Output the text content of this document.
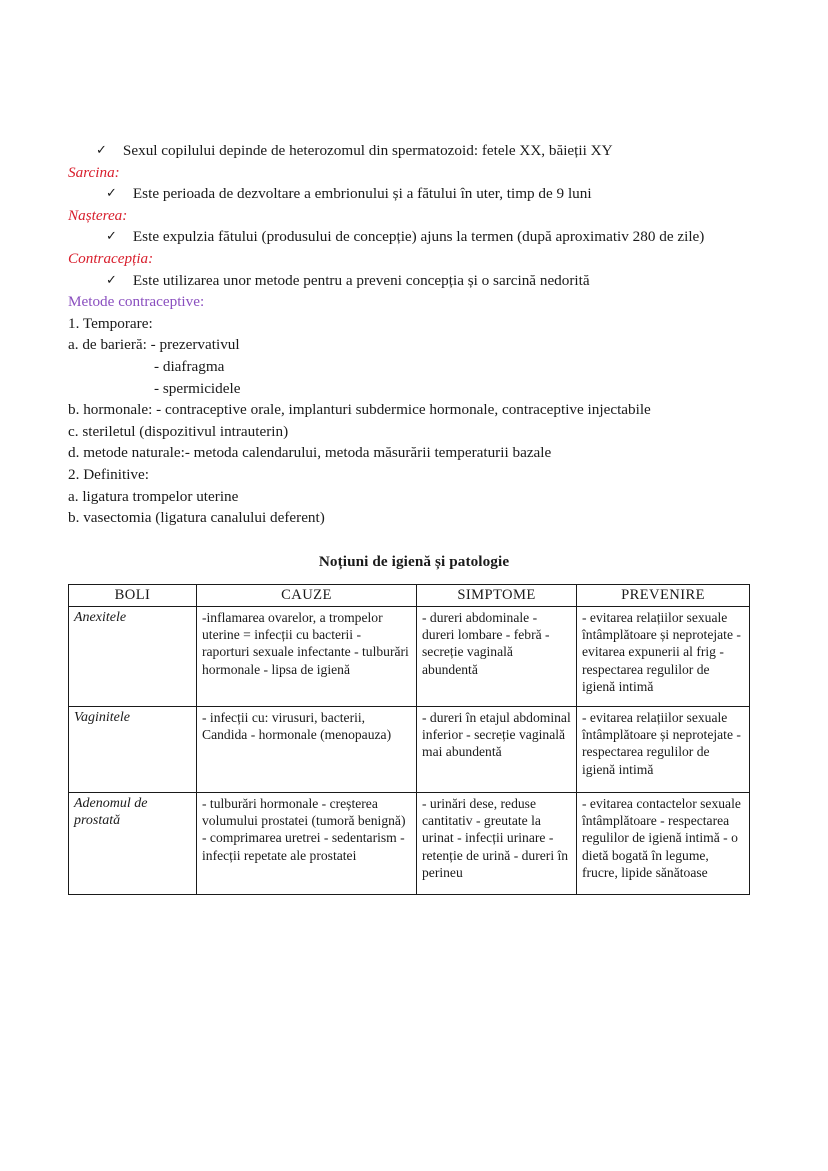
✓ Sexul copilului depinde de heterozomul din spermatozoid: fetele XX, băieții XY
Sarcina:
✓ Este perioada de dezvoltare a embrionului și a fătului în uter, timp de 9 luni
Nașterea:
✓ Este expulzia fătului (produsului de concepție) ajuns la termen (după aproximativ 280 de zile)
Contracepția:
✓ Este utilizarea unor metode pentru a preveni concepția și o sarcină nedorită
Metode contraceptive:
1. Temporare:
a. de barieră: - prezervativul
- diafragma
- spermicidele
b. hormonale: - contraceptive orale, implanturi subdermice hormonale, contraceptive injectabile
c. steriletul (dispozitivul intrauterin)
d. metode naturale:- metoda calendarului, metoda măsurării temperaturii bazale
2. Definitive:
a. ligatura trompelor uterine
b. vasectomia (ligatura canalului deferent)
Noțiuni de igienă și patologie
BOLI	CAUZE	SIMPTOME	PREVENIRE
Anexitele	-inflamarea ovarelor, a trompelor uterine = infecții cu bacterii - raporturi sexuale infectante - tulburări hormonale - lipsa de igienă	- dureri abdominale - dureri lombare - febră - secreție vaginală abundentă	- evitarea relațiilor sexuale întâmplătoare și neprotejate - evitarea expunerii al frig - respectarea regulilor de igienă intimă
Vaginitele	- infecții cu: virusuri, bacterii, Candida - hormonale (menopauza)	- dureri în etajul abdominal inferior - secreție vaginală mai abundentă	- evitarea relațiilor sexuale întâmplătoare și neprotejate - respectarea regulilor de igienă intimă
Adenomul de prostată	- tulburări hormonale - creșterea volumului prostatei (tumoră benignă) - comprimarea uretrei - sedentarism - infecții repetate ale prostatei	- urinări dese, reduse cantitativ - greutate la urinat - infecții urinare - retenție de urină - dureri în perineu	- evitarea contactelor sexuale întâmplătoare - respectarea regulilor de igienă intimă - o dietă bogată în legume, frucre, lipide sănătoase
